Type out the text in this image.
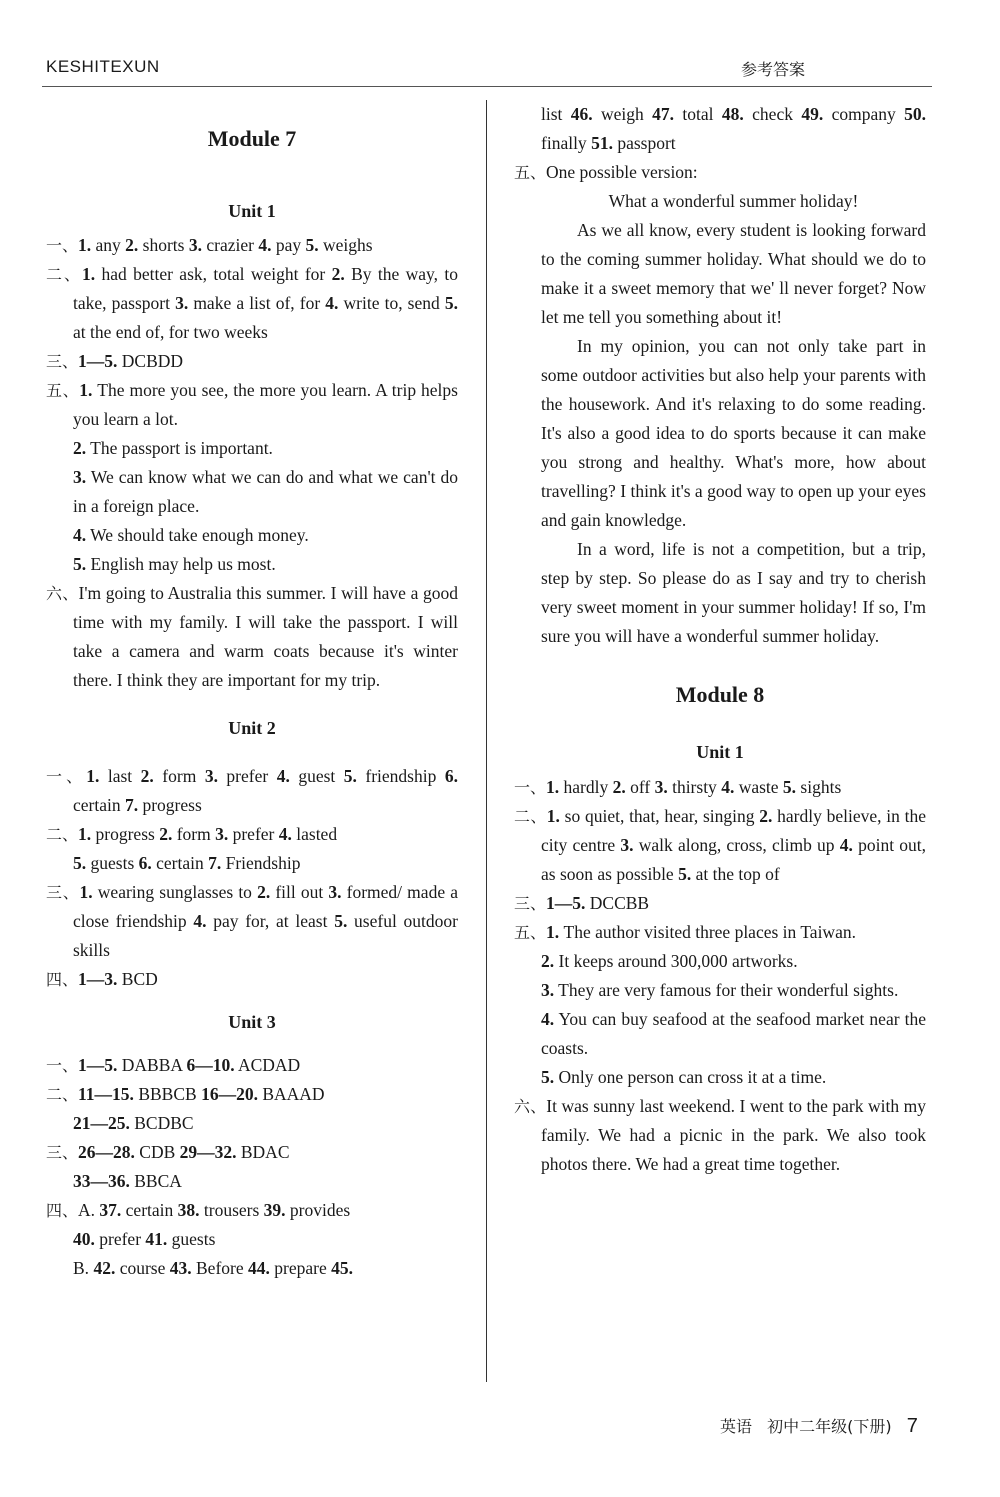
KESHITEXUN	参考答案

Module 7

Unit 1

一、1. any 2. shorts 3. crazier 4. pay 5. weighs

二、1. had better ask, total weight for 2. By the way, to take, passport 3. make a list of, for 4. write to, send 5. at the end of, for two weeks

三、1—5. DCBDD

五、1. The more you see, the more you learn. A trip helps you learn a lot.

2. The passport is important.

3. We can know what we can do and what we can't do in a foreign place.

4. We should take enough money.

5. English may help us most.

六、I'm going to Australia this summer. I will have a good time with my family. I will take the passport. I will take a camera and warm coats because it's winter there. I think they are important for my trip.

Unit 2

一、1. last 2. form 3. prefer 4. guest 5. friendship 6. certain 7. progress

二、1. progress 2. form 3. prefer 4. lasted
5. guests 6. certain 7. Friendship

三、1. wearing sunglasses to 2. fill out 3. formed/ made a close friendship 4. pay for, at least 5. useful outdoor skills

四、1—3. BCD

Unit 3

一、1—5. DABBA 6—10. ACDAD

二、11—15. BBBCB 16—20. BAAAD
21—25. BCDBC

三、26—28. CDB 29—32. BDAC
33—36. BBCA

四、A. 37. certain 38. trousers 39. provides
40. prefer 41. guests
B. 42. course 43. Before 44. prepare 45.

list 46. weigh 47. total 48. check 49. company 50. finally 51. passport

五、One possible version:

What a wonderful summer holiday!

As we all know, every student is looking forward to the coming summer holiday. What should we do to make it a sweet memory that we' ll never forget? Now let me tell you something about it!

In my opinion, you can not only take part in some outdoor activities but also help your parents with the housework. And it's relaxing to do some reading. It's also a good idea to do sports because it can make you strong and healthy. What's more, how about travelling? I think it's a good way to open up your eyes and gain knowledge.

In a word, life is not a competition, but a trip, step by step. So please do as I say and try to cherish very sweet moment in your summer holiday! If so, I'm sure you will have a wonderful summer holiday.

Module 8

Unit 1

一、1. hardly 2. off 3. thirsty 4. waste 5. sights

二、1. so quiet, that, hear, singing 2. hardly believe, in the city centre 3. walk along, cross, climb up 4. point out, as soon as possible 5. at the top of

三、1—5. DCCBB

五、1. The author visited three places in Taiwan.

2. It keeps around 300,000 artworks.

3. They are very famous for their wonderful sights.

4. You can buy seafood at the seafood market near the coasts.

5. Only one person can cross it at a time.

六、It was sunny last weekend. I went to the park with my family. We had a picnic in the park. We also took photos there. We had a great time together.

英语 初中二年级(下册) 7
